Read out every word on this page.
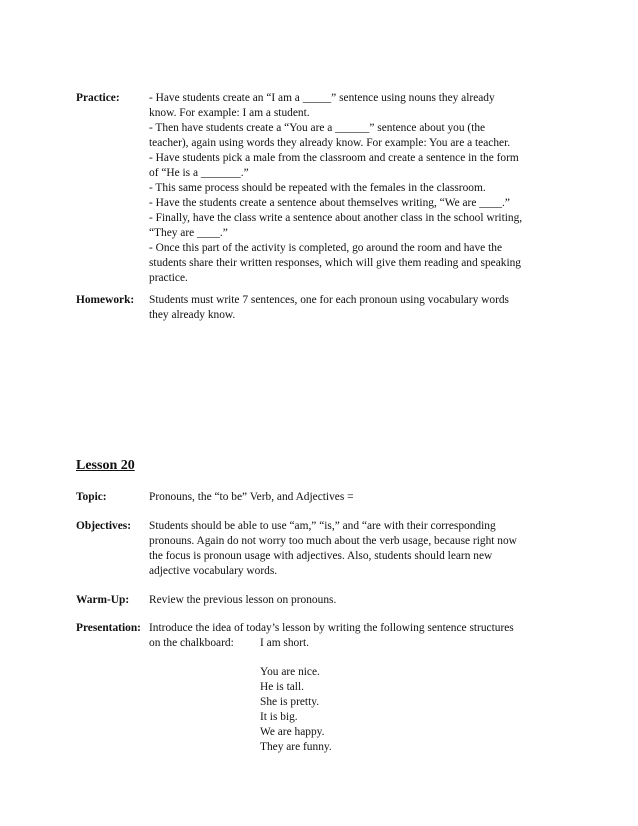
Practice:	- Have students create an “I am a _____” sentence using nouns they already
know. For example: I am a student.
- Then have students create a “You are a ______” sentence about you (the
teacher), again using words they already know. For example: You are a teacher.
- Have students pick a male from the classroom and create a sentence in the form
of “He is a _______.”
- This same process should be repeated with the females in the classroom.
- Have the students create a sentence about themselves writing, “We are ____.”
- Finally, have the class write a sentence about another class in the school writing,
“They are ____.”
- Once this part of the activity is completed, go around the room and have the
students share their written responses, which will give them reading and speaking
practice.
Homework: Students must write 7 sentences, one for each pronoun using vocabulary words
they already know.
Lesson 20
Topic:	Pronouns, the “to be” Verb, and Adjectives =
Objectives: Students should be able to use “am,” “is,” and “are with their corresponding
pronouns. Again do not worry too much about the verb usage, because right now
the focus is pronoun usage with adjectives. Also, students should learn new
adjective vocabulary words.
Warm-Up: Review the previous lesson on pronouns.
Presentation: Introduce the idea of today’s lesson by writing the following sentence structures
on the chalkboard: I am short.
You are nice.
He is tall.
She is pretty.
It is big.
We are happy.
They are funny.
